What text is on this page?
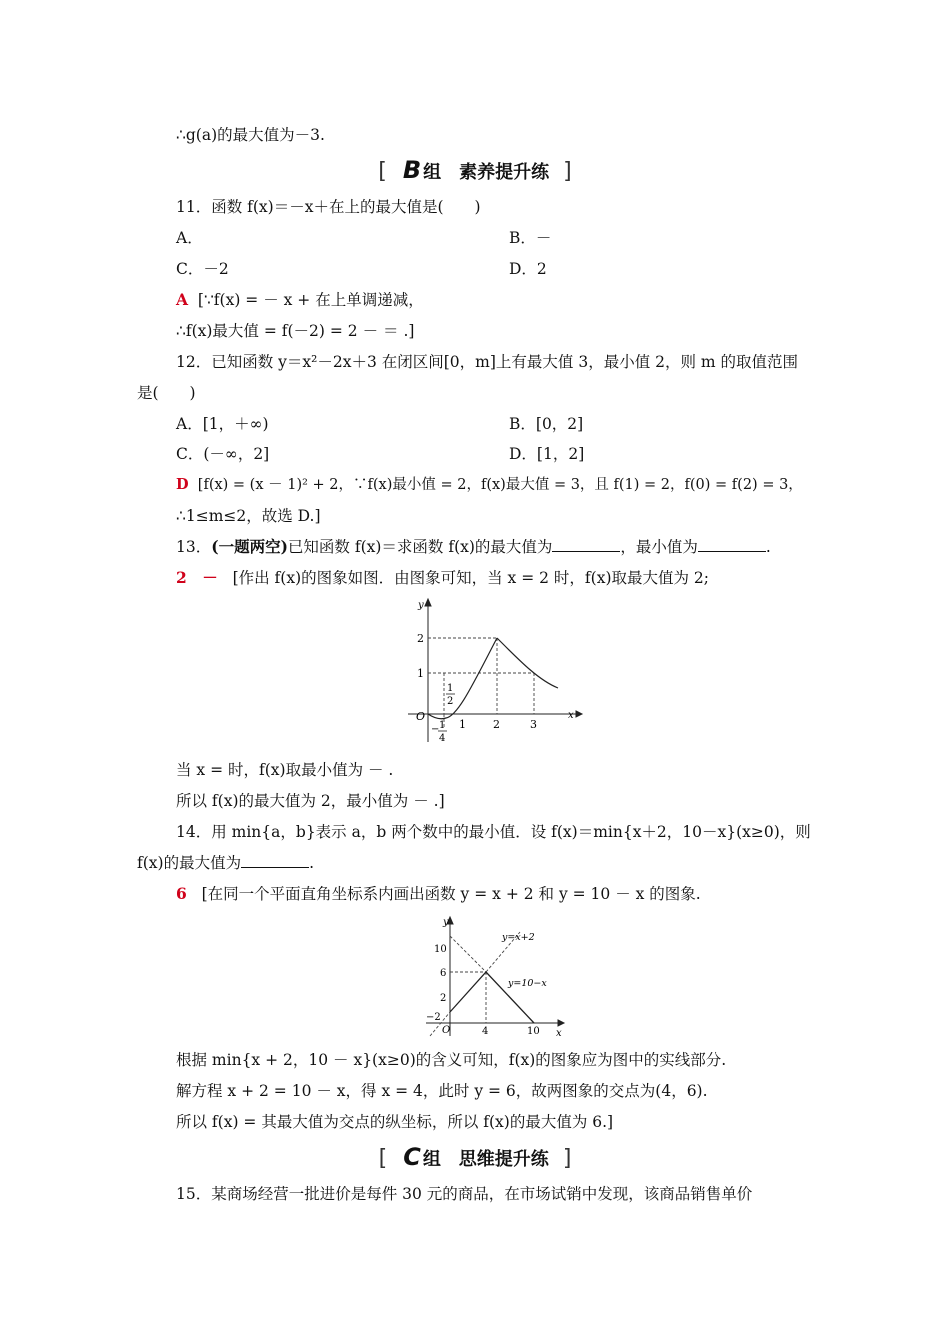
∴g(a)的最大值为－3.
[ B 组　素养提升练 ]
11．函数 f(x)＝－x＋在上的最大值是(　　)
A．	B．－
C．－2	D．2
A [∵f(x) = － x + 在上单调递减，
∴f(x)最大值 = f(－2) = 2 － ＝ .]
12．已知函数 y＝x²－2x＋3 在闭区间[0，m]上有最大值 3，最小值 2，则 m 的取值范围
是(　　)
A．[1，＋∞)	B．[0，2]
C．(－∞，2]	D．[1，2]
D [f(x) = (x － 1)² + 2，∵f(x)最小值 = 2，f(x)最大值 = 3，且 f(1) = 2，f(0) = f(2) = 3，
∴1≤m≤2，故选 D.]
13．(一题两空)已知函数 f(x)＝求函数 f(x)的最大值为	，最小值为	.
2　－ [作出 f(x)的图象如图．由图象可知，当 x = 2 时，f(x)取最大值为 2;
y
x
O
2
1
1 2	3
1
2
− 1
4
当 x = 时，f(x)取最小值为 － .
所以 f(x)的最大值为 2，最小值为 － .]
14．用 min{a，b}表示 a，b 两个数中的最小值．设 f(x)＝min{x＋2，10－x}(x≥0)，则
f(x)的最大值为	.
6 [在同一个平面直角坐标系内画出函数 y = x + 2 和 y = 10 － x 的图象.
y
x
O
10
6
2
−2
4	10
y=x+2
y=10−x
根据 min{x + 2，10 － x}(x≥0)的含义可知，f(x)的图象应为图中的实线部分.
解方程 x + 2 = 10 － x，得 x = 4，此时 y = 6，故两图象的交点为(4，6).
所以 f(x) = 其最大值为交点的纵坐标，所以 f(x)的最大值为 6.]
[ C 组　思维提升练 ]
15．某商场经营一批进价是每件 30 元的商品，在市场试销中发现，该商品销售单价
